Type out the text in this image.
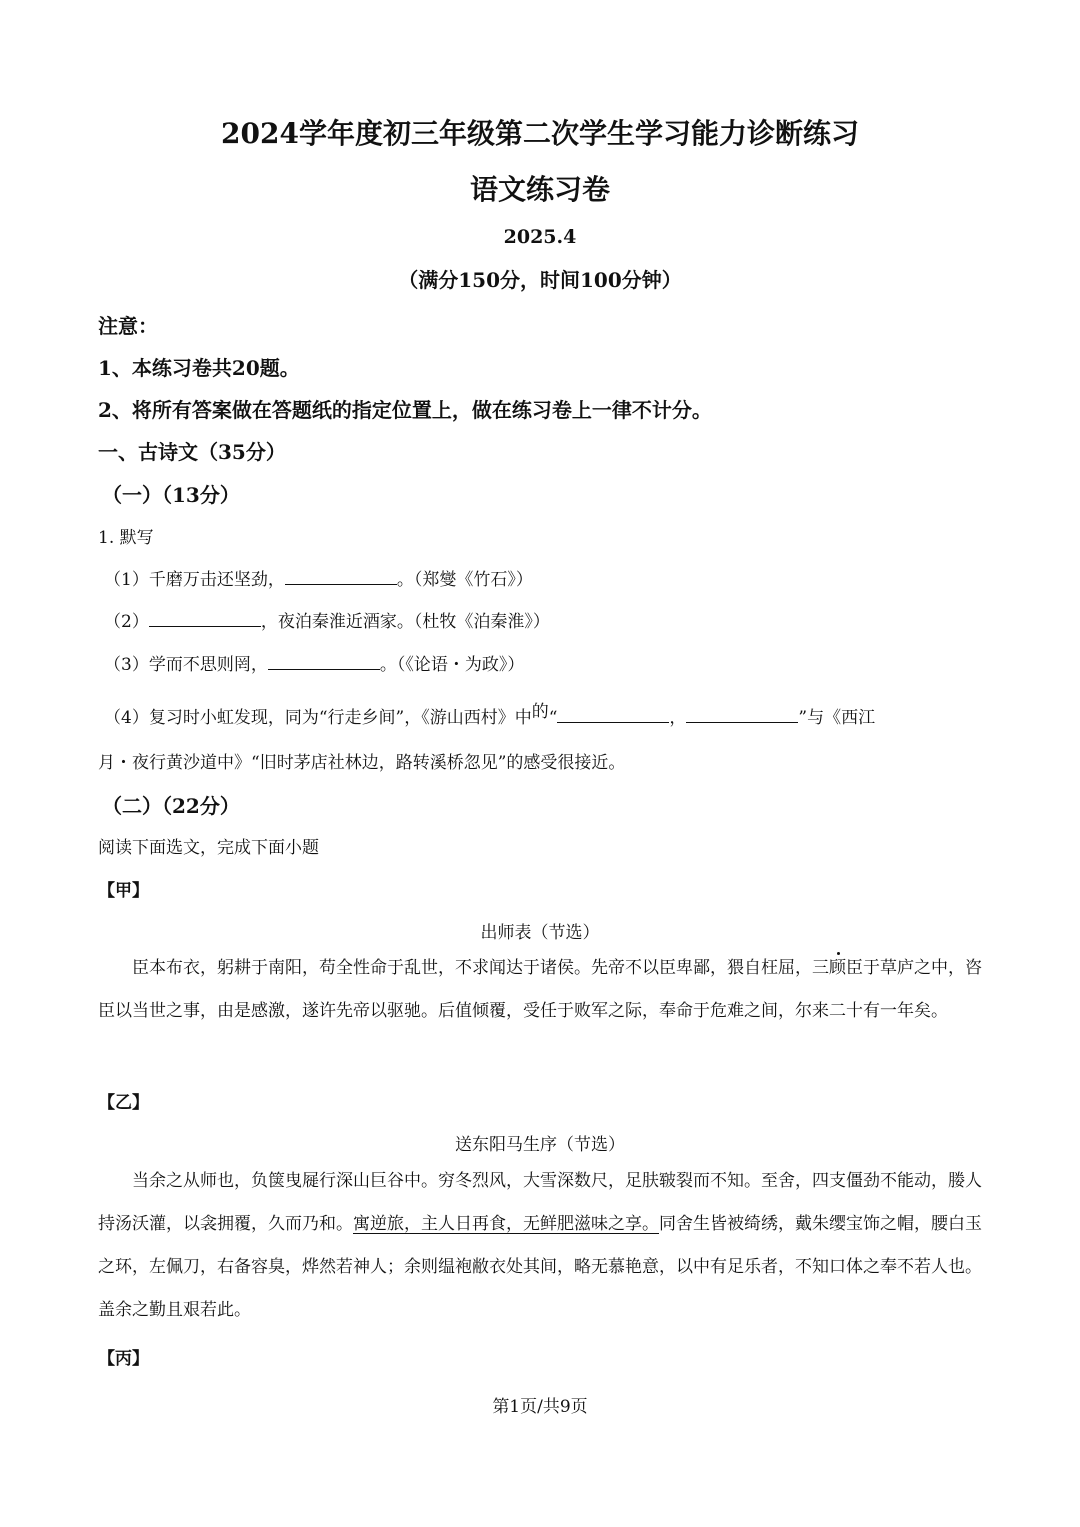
2024学年度初三年级第二次学生学习能力诊断练习
语文练习卷
2025.4
（满分150分，时间100分钟）
注意：
1、本练习卷共20题。
2、将所有答案做在答题纸的指定位置上，做在练习卷上一律不计分。
一、古诗文（35分）
（一）（13分）
1. 默写
（1）千磨万击还坚劲，	。（郑燮《竹石》）
（2）	，夜泊秦淮近酒家。（杜牧《泊秦淮》）
（3）学而不思则罔，	。（《论语・为政》）
（4）复习时小虹发现，同为“行走乡间”，《游山西村》中的“	，	”与《西江
月・夜行黄沙道中》“旧时茅店社林边，路转溪桥忽见”的感受很接近。
（二）（22分）
阅读下面选文，完成下面小题
【甲】
出师表（节选）
臣本布衣，躬耕于南阳，苟全性命于乱世，不求闻达于诸侯。先帝不以臣卑鄙，猥自枉屈，三顾臣于草庐之中，咨臣以当世之事，由是感激，遂许先帝以驱驰。后值倾覆，受任于败军之际，奉命于危难之间，尔来二十有一年矣。
【乙】
送东阳马生序（节选）
当余之从师也，负箧曳屣行深山巨谷中。穷冬烈风，大雪深数尺，足肤皲裂而不知。至舍，四支僵劲不能动，媵人持汤沃灌，以衾拥覆，久而乃和。寓逆旅，主人日再食，无鲜肥滋味之享。同舍生皆被绮绣，戴朱缨宝饰之帽，腰白玉之环，左佩刀，右备容臭，烨然若神人；余则缊袍敝衣处其间，略无慕艳意，以中有足乐者，不知口体之奉不若人也。盖余之勤且艰若此。
【丙】
第1页/共9页
